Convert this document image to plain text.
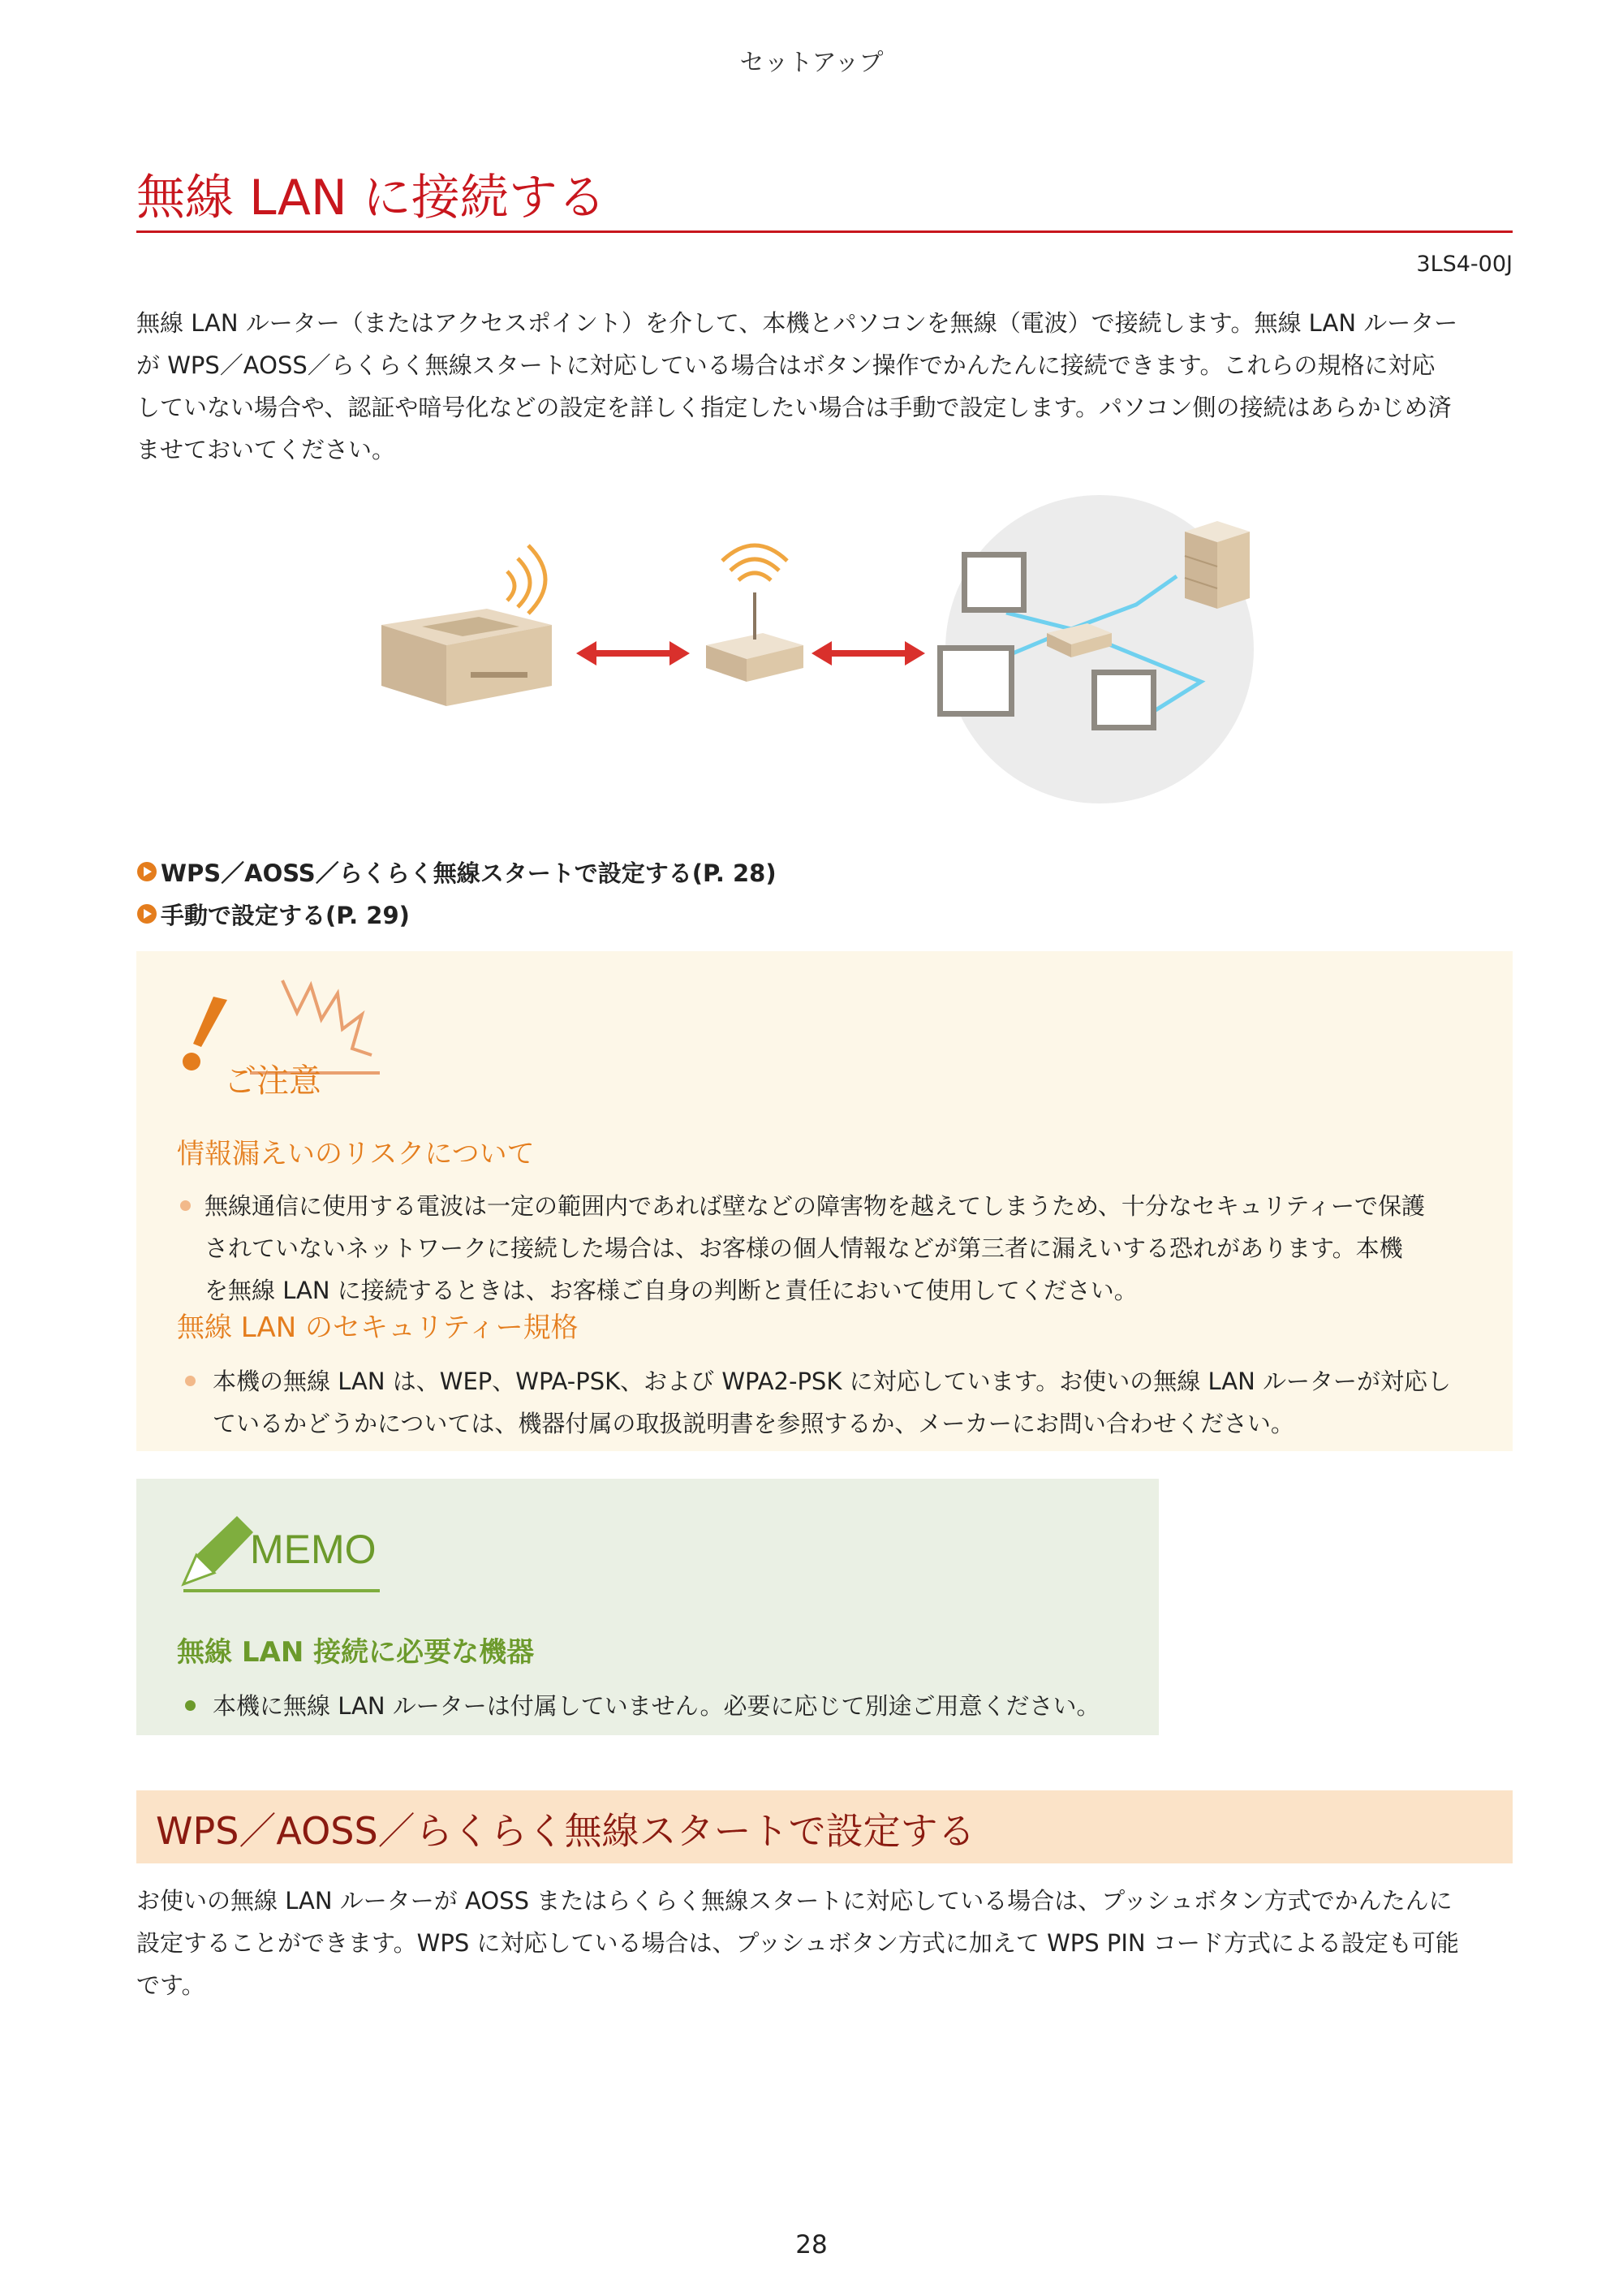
セットアップ
無線 LAN に接続する
3LS4-00J

無線 LAN ルーター（またはアクセスポイント）を介して、本機とパソコンを無線（電波）で接続します。無線 LAN ルーター

が WPS／AOSS／らくらく無線スタートに対応している場合はボタン操作でかんたんに接続できます。これらの規格に対応

していない場合や、認証や暗号化などの設定を詳しく指定したい場合は手動で設定します。パソコン側の接続はあらかじめ済

ませておいてください。

WPS／AOSS／らくらく無線スタートで設定する(P. 28)
手動で設定する(P. 29)
ご注意
情報漏えいのリスクについて

無線通信に使用する電波は一定の範囲内であれば壁などの障害物を越えてしまうため、十分なセキュリティーで保護

されていないネットワークに接続した場合は、お客様の個人情報などが第三者に漏えいする恐れがあります。本機

を無線 LAN に接続するときは、お客様ご自身の判断と責任において使用してください。

無線 LAN のセキュリティー規格

本機の無線 LAN は、WEP、WPA-PSK、および WPA2-PSK に対応しています。お使いの無線 LAN ルーターが対応し

ているかどうかについては、機器付属の取扱説明書を参照するか、メーカーにお問い合わせください。

MEMO
無線 LAN 接続に必要な機器

本機に無線 LAN ルーターは付属していません。必要に応じて別途ご用意ください。

WPS／AOSS／らくらく無線スタートで設定する

お使いの無線 LAN ルーターが AOSS またはらくらく無線スタートに対応している場合は、プッシュボタン方式でかんたんに

設定することができます。WPS に対応している場合は、プッシュボタン方式に加えて WPS PIN コード方式による設定も可能

です。

28
